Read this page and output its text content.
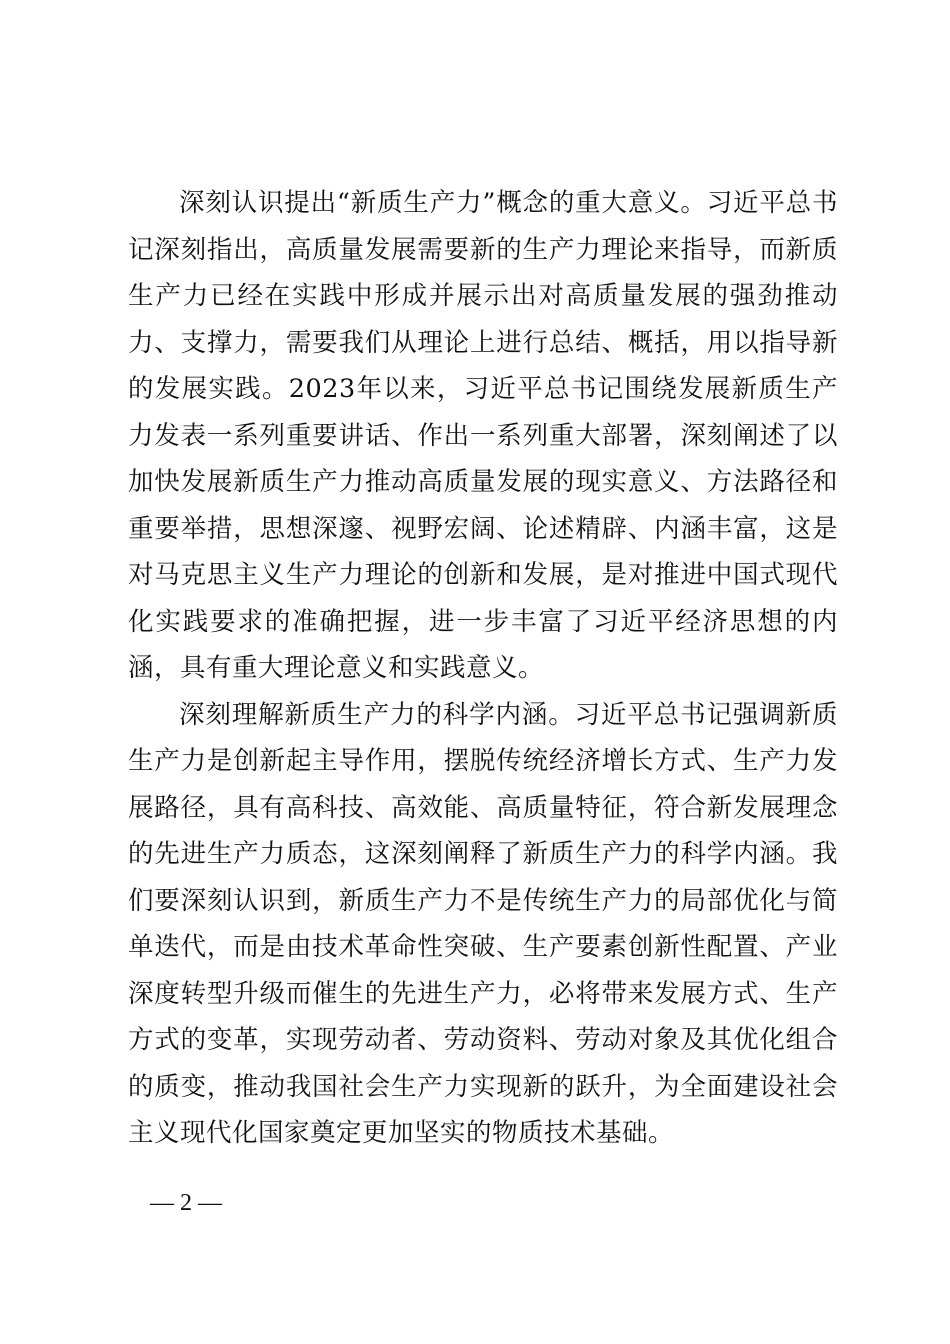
深刻认识提出“新质生产力”概念的重大意义。习近平总书记深刻指出，高质量发展需要新的生产力理论来指导，而新质生产力已经在实践中形成并展示出对高质量发展的强劲推动力、支撑力，需要我们从理论上进行总结、概括，用以指导新的发展实践。2023年以来，习近平总书记围绕发展新质生产力发表一系列重要讲话、作出一系列重大部署，深刻阐述了以加快发展新质生产力推动高质量发展的现实意义、方法路径和重要举措，思想深邃、视野宏阔、论述精辟、内涵丰富，这是对马克思主义生产力理论的创新和发展，是对推进中国式现代化实践要求的准确把握，进一步丰富了习近平经济思想的内涵，具有重大理论意义和实践意义。

深刻理解新质生产力的科学内涵。习近平总书记强调新质生产力是创新起主导作用，摆脱传统经济增长方式、生产力发展路径，具有高科技、高效能、高质量特征，符合新发展理念的先进生产力质态，这深刻阐释了新质生产力的科学内涵。我们要深刻认识到，新质生产力不是传统生产力的局部优化与简单迭代，而是由技术革命性突破、生产要素创新性配置、产业深度转型升级而催生的先进生产力，必将带来发展方式、生产方式的变革，实现劳动者、劳动资料、劳动对象及其优化组合的质变，推动我国社会生产力实现新的跃升，为全面建设社会主义现代化国家奠定更加坚实的物质技术基础。

— 2 —
